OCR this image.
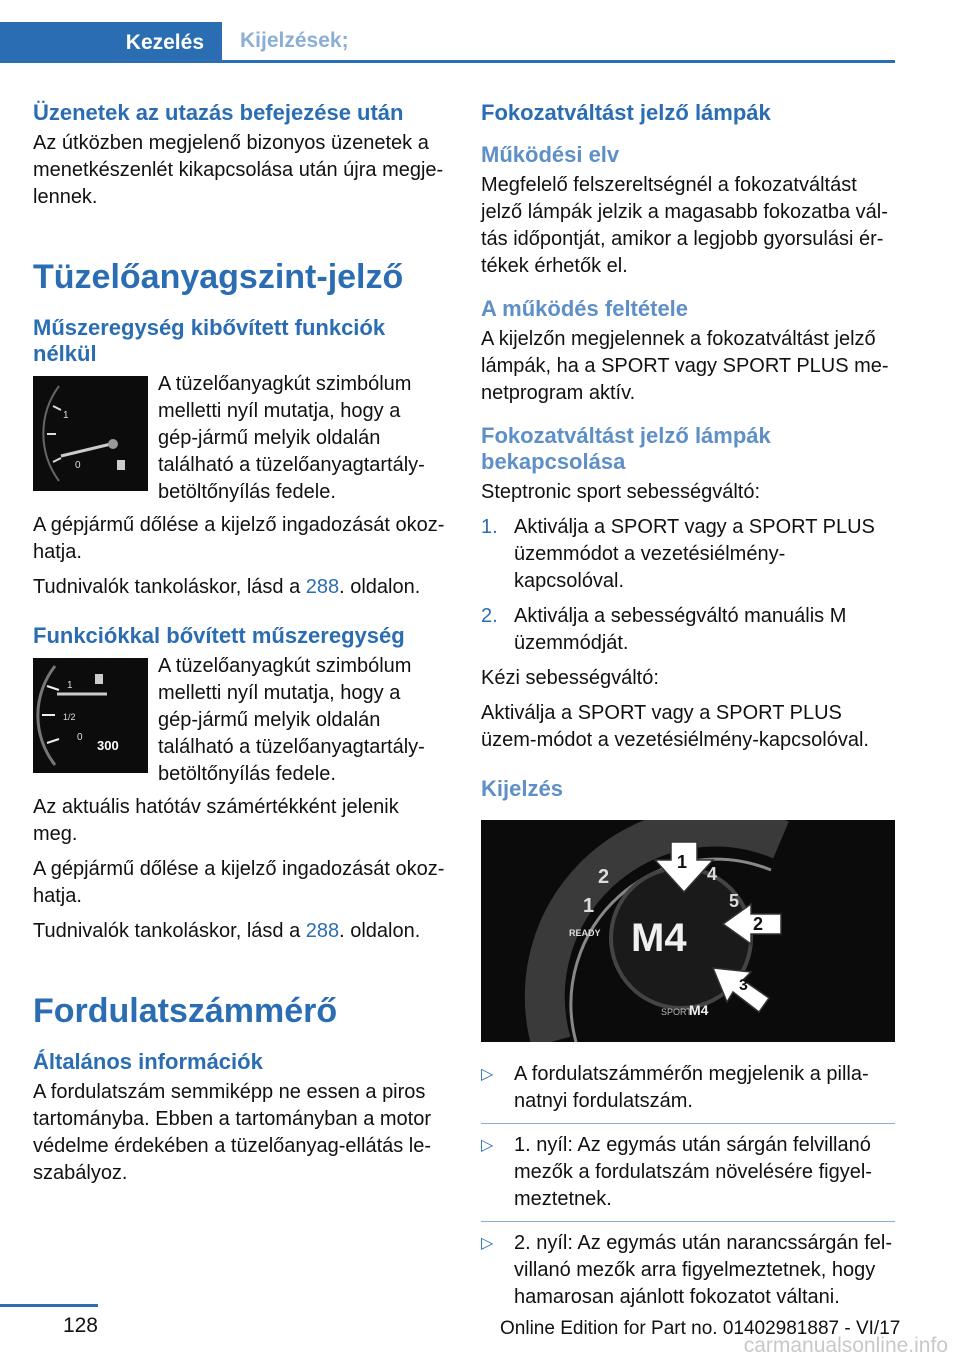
Kezelés	Kijelzések;
Üzenetek az utazás befejezése után

Az útközben megjelenő bizonyos üzenetek a menetkészenlét kikapcsolása után újra megje-lennek.

Tüzelőanyagszint-jelző
Műszeregység kibővített funkciók nélkül
1
0
A tüzelőanyagkút szimbólum melletti nyíl mutatja, hogy a gép-jármű melyik oldalán található a tüzelőanyagtartály-betöltőnyílás fedele.

A gépjármű dőlése a kijelző ingadozását okoz-hatja.

Tudnivalók tankoláskor, lásd a 288. oldalon.

Funkciókkal bővített műszeregység
1
1/2
0
300
A tüzelőanyagkút szimbólum melletti nyíl mutatja, hogy a gép-jármű melyik oldalán található a tüzelőanyagtartály-betöltőnyílás fedele.

Az aktuális hatótáv számértékként jelenik meg.

A gépjármű dőlése a kijelző ingadozását okoz-hatja.

Tudnivalók tankoláskor, lásd a 288. oldalon.

Fordulatszámmérő
Általános információk

A fordulatszám semmiképp ne essen a piros tartományba. Ebben a tartományban a motor védelme érdekében a tüzelőanyag-ellátás le-szabályoz.

Fokozatváltást jelző lámpák
Működési elv

Megfelelő felszereltségnél a fokozatváltást jelző lámpák jelzik a magasabb fokozatba vál-tás időpontját, amikor a legjobb gyorsulási ér-tékek érhetők el.

A működés feltétele

A kijelzőn megjelennek a fokozatváltást jelző lámpák, ha a SPORT vagy SPORT PLUS me-netprogram aktív.

Fokozatváltást jelző lámpák bekapcsolása

Steptronic sport sebességváltó:

1. Aktiválja a SPORT vagy a SPORT PLUS üzemmódot a vezetésiélmény-kapcsolóval.
2. Aktiválja a sebességváltó manuális M üzemmódját.

Kézi sebességváltó:

Aktiválja a SPORT vagy a SPORT PLUS üzem-módot a vezetésiélmény-kapcsolóval.

Kijelzés
M4
2
1
4
5
READY
SPORT
M4
1
2
3
▷ A fordulatszámmérőn megjelenik a pilla-natnyi fordulatszám.
▷ 1. nyíl: Az egymás után sárgán felvillanó mezők a fordulatszám növelésére figyel-meztetnek.
▷ 2. nyíl: Az egymás után narancssárgán fel-villanó mezők arra figyelmeztetnek, hogy hamarosan ajánlott fokozatot váltani.
128	Online Edition for Part no. 01402981887 - VI/17
carmanualsonline.info
